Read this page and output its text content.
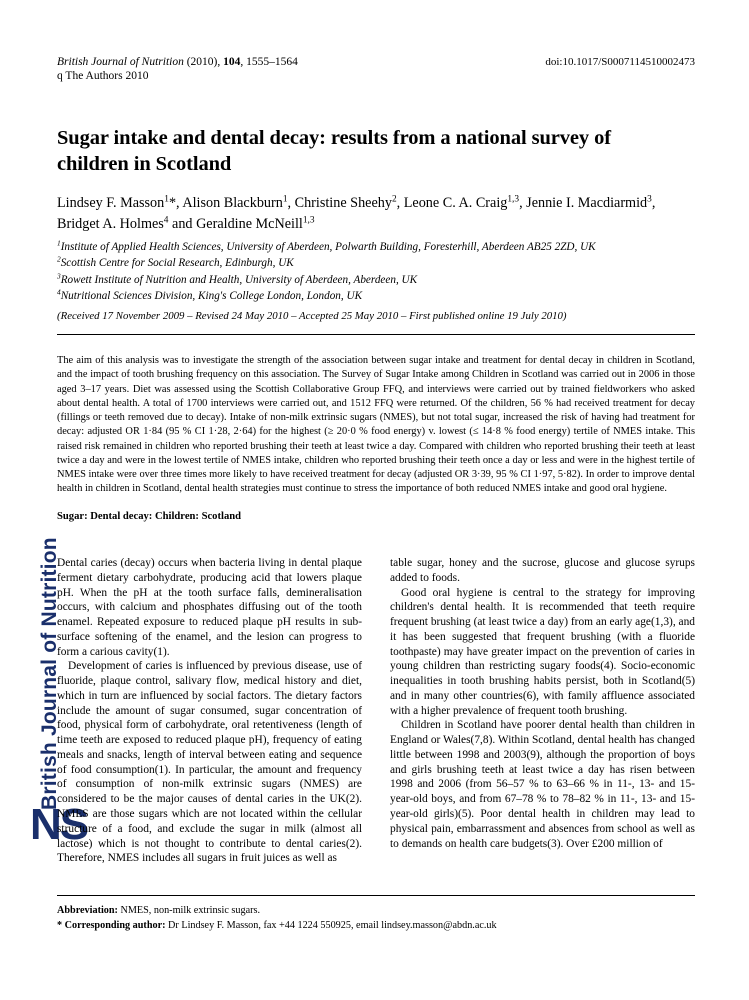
British Journal of Nutrition
NS
British Journal of Nutrition (2010), 104, 1555–1564	doi:10.1017/S0007114510002473
q The Authors 2010
Sugar intake and dental decay: results from a national survey of children in Scotland
Lindsey F. Masson$^1$*, Alison Blackburn$^1$, Christine Sheehy$^2$, Leone C. A. Craig$^{1,3}$, Jennie I. Macdiarmid$^3$, Bridget A. Holmes$^4$ and Geraldine McNeill$^{1,3}$
$^1$Institute of Applied Health Sciences, University of Aberdeen, Polwarth Building, Foresterhill, Aberdeen AB25 2ZD, UK
$^2$Scottish Centre for Social Research, Edinburgh, UK
$^3$Rowett Institute of Nutrition and Health, University of Aberdeen, Aberdeen, UK
$^4$Nutritional Sciences Division, King's College London, London, UK
(Received 17 November 2009 – Revised 24 May 2010 – Accepted 25 May 2010 – First published online 19 July 2010)
The aim of this analysis was to investigate the strength of the association between sugar intake and treatment for dental decay in children in Scotland, and the impact of tooth brushing frequency on this association. The Survey of Sugar Intake among Children in Scotland was carried out in 2006 in those aged 3–17 years. Diet was assessed using the Scottish Collaborative Group FFQ, and interviews were carried out by trained fieldworkers who asked about dental health. A total of 1700 interviews were carried out, and 1512 FFQ were returned. Of the children, 56 % had received treatment for decay (fillings or teeth removed due to decay). Intake of non-milk extrinsic sugars (NMES), but not total sugar, increased the risk of having had treatment for decay: adjusted OR 1·84 (95 % CI 1·28, 2·64) for the highest (≥ 20·0 % food energy) v. lowest (≤ 14·8 % food energy) tertile of NMES intake. This raised risk remained in children who reported brushing their teeth at least twice a day. Compared with children who reported brushing their teeth at least twice a day and were in the lowest tertile of NMES intake, children who reported brushing their teeth once a day or less and were in the highest tertile of NMES intake were over three times more likely to have received treatment for decay (adjusted OR 3·39, 95 % CI 1·97, 5·82). In order to improve dental health in children in Scotland, dental health strategies must continue to stress the importance of both reduced NMES intake and good oral hygiene.
Sugar: Dental decay: Children: Scotland

Dental caries (decay) occurs when bacteria living in dental plaque ferment dietary carbohydrate, producing acid that lowers plaque pH. When the pH at the tooth surface falls, demineralisation occurs, with calcium and phosphates diffusing out of the tooth enamel. Repeated exposure to reduced plaque pH results in sub-surface softening of the enamel, and the lesion can progress to form a carious cavity(1).

Development of caries is influenced by previous disease, use of fluoride, plaque control, salivary flow, medical history and diet, which in turn are influenced by social factors. The dietary factors include the amount of sugar consumed, sugar concentration of food, physical form of carbohydrate, oral retentiveness (length of time teeth are exposed to reduced plaque pH), frequency of eating meals and snacks, length of interval between eating and sequence of food consumption(1). In particular, the amount and frequency of consumption of non-milk extrinsic sugars (NMES) are considered to be the major causes of dental caries in the UK(2). NMES are those sugars which are not located within the cellular structure of a food, and exclude the sugar in milk (almost all lactose) which is not thought to contribute to dental caries(2). Therefore, NMES includes all sugars in fruit juices as well as

table sugar, honey and the sucrose, glucose and glucose syrups added to foods.

Good oral hygiene is central to the strategy for improving children's dental health. It is recommended that teeth require frequent brushing (at least twice a day) from an early age(1,3), and it has been suggested that frequent brushing (with a fluoride toothpaste) may have greater impact on the prevention of caries in young children than restricting sugary foods(4). Socio-economic inequalities in tooth brushing habits persist, both in Scotland(5) and in many other countries(6), with family affluence associated with a higher prevalence of frequent tooth brushing.

Children in Scotland have poorer dental health than children in England or Wales(7,8). Within Scotland, dental health has changed little between 1998 and 2003(9), although the proportion of boys and girls brushing teeth at least twice a day has risen between 1998 and 2006 (from 56–57 % to 63–66 % in 11-, 13- and 15-year-old boys, and from 67–78 % to 78–82 % in 11-, 13- and 15-year-old girls)(5). Poor dental health in children may lead to physical pain, embarrassment and absences from school as well as to demands on health care budgets(3). Over £200 million of

Abbreviation: NMES, non-milk extrinsic sugars.
* Corresponding author: Dr Lindsey F. Masson, fax +44 1224 550925, email lindsey.masson@abdn.ac.uk
